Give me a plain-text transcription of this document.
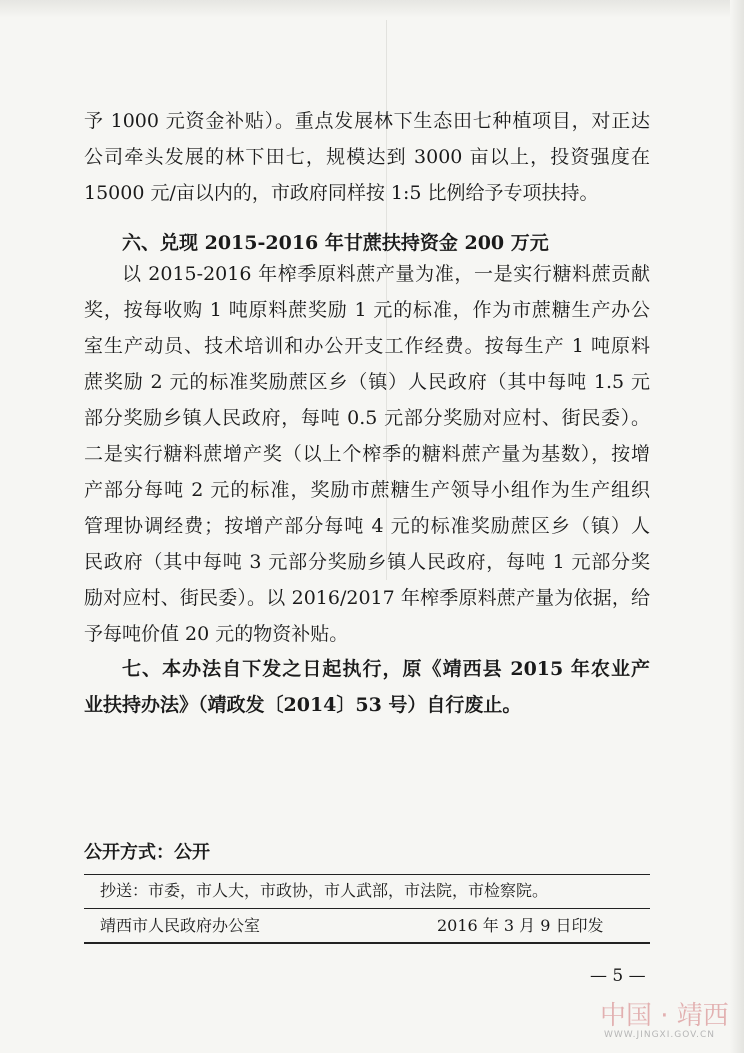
予 1000 元资金补贴）。重点发展林下生态田七种植项目，对正达
公司牵头发展的林下田七，规模达到 3000 亩以上，投资强度在
15000 元/亩以内的，市政府同样按 1:5 比例给予专项扶持。
六、兑现 2015-2016 年甘蔗扶持资金 200 万元
以 2015-2016 年榨季原料蔗产量为准，一是实行糖料蔗贡献
奖，按每收购 1 吨原料蔗奖励 1 元的标准，作为市蔗糖生产办公
室生产动员、技术培训和办公开支工作经费。按每生产 1 吨原料
蔗奖励 2 元的标准奖励蔗区乡（镇）人民政府（其中每吨 1.5 元
部分奖励乡镇人民政府，每吨 0.5 元部分奖励对应村、街民委）。
二是实行糖料蔗增产奖（以上个榨季的糖料蔗产量为基数），按增
产部分每吨 2 元的标准，奖励市蔗糖生产领导小组作为生产组织
管理协调经费；按增产部分每吨 4 元的标准奖励蔗区乡（镇）人
民政府（其中每吨 3 元部分奖励乡镇人民政府，每吨 1 元部分奖
励对应村、街民委）。以 2016/2017 年榨季原料蔗产量为依据，给
予每吨价值 20 元的物资补贴。
七、本办法自下发之日起执行，原《靖西县 2015 年农业产
业扶持办法》（靖政发〔2014〕53 号）自行废止。
公开方式：公开
抄送：市委，市人大，市政协，市人武部，市法院，市检察院。
靖西市人民政府办公室	2016 年 3 月 9 日印发
— 5 —
中国 · 靖西
WWW.JINGXI.GOV.CN
